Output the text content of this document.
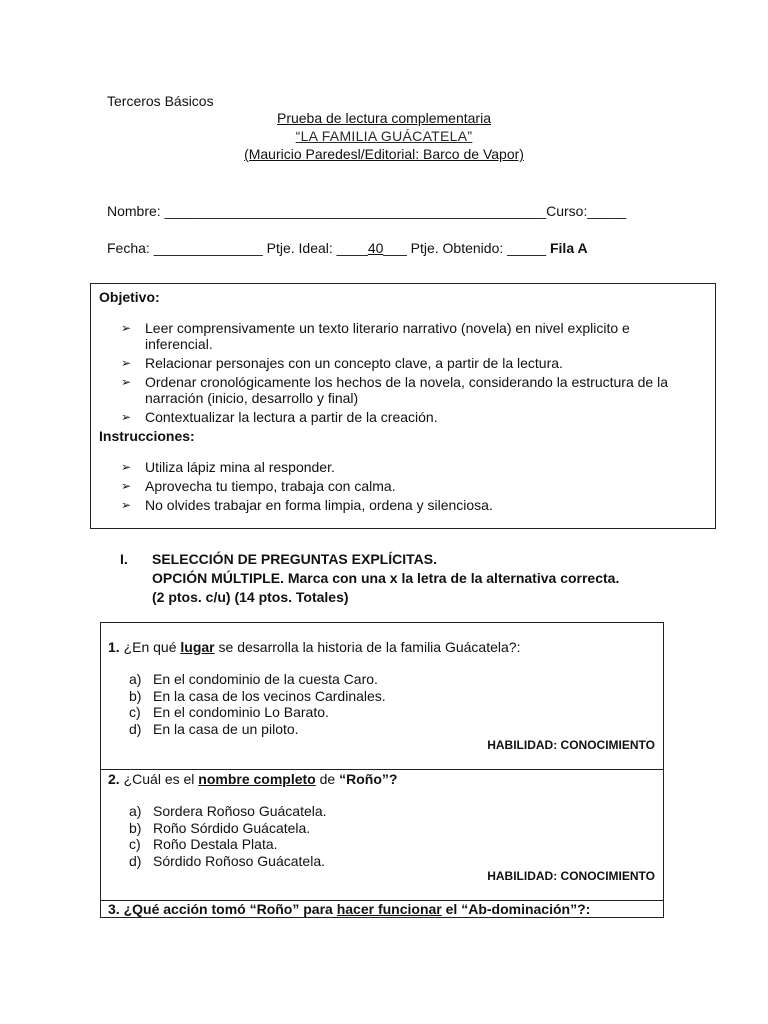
Terceros Básicos
Prueba de lectura complementaria
“LA FAMILIA GUÁCATELA”
(Mauricio Paredesl/Editorial: Barco de Vapor)
Nombre: _________________________________________________Curso:_____
Fecha: ______________ Ptje. Ideal: ____40___ Ptje. Obtenido: _____ Fila A
Objetivo:
➢ Leer comprensivamente un texto literario narrativo (novela) en nivel explicito e inferencial.
➢ Relacionar personajes con un concepto clave, a partir de la lectura.
➢ Ordenar cronológicamente los hechos de la novela, considerando la estructura de la narración (inicio, desarrollo y final)
➢ Contextualizar la lectura a partir de la creación.
Instrucciones:
➢ Utiliza lápiz mina al responder.
➢ Aprovecha tu tiempo, trabaja con calma.
➢ No olvides trabajar en forma limpia, ordena y silenciosa.
I. SELECCIÓN DE PREGUNTAS EXPLÍCITAS.
OPCIÓN MÚLTIPLE. Marca con una x la letra de la alternativa correcta.
(2 ptos. c/u) (14 ptos. Totales)
1. ¿En qué lugar se desarrolla la historia de la familia Guácatela?:
a) En el condominio de la cuesta Caro.
b) En la casa de los vecinos Cardinales.
c) En el condominio Lo Barato.
d) En la casa de un piloto.
HABILIDAD: CONOCIMIENTO
2. ¿Cuál es el nombre completo de “Roño”?
a) Sordera Roñoso Guácatela.
b) Roño Sórdido Guácatela.
c) Roño Destala Plata.
d) Sórdido Roñoso Guácatela.
HABILIDAD: CONOCIMIENTO
3. ¿Qué acción tomó “Roño” para hacer funcionar el “Ab-dominación”?:
